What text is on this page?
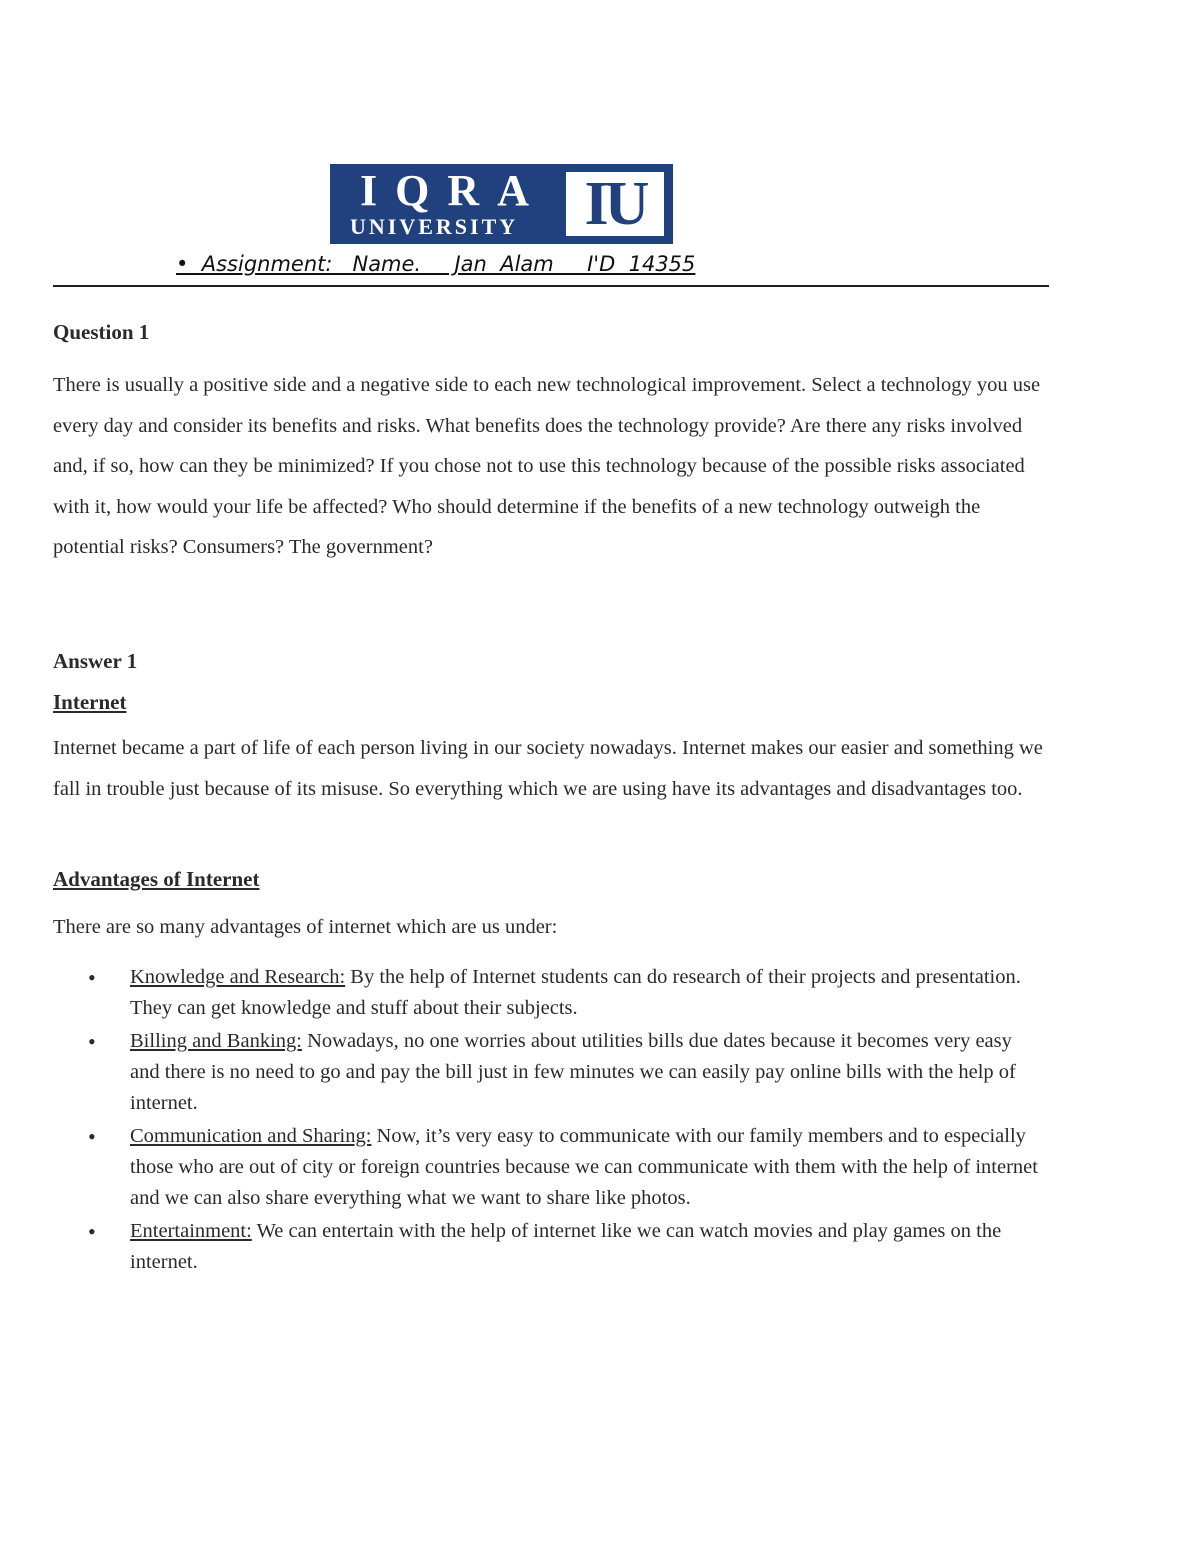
IQRA
UNIVERSITY IU
•  Assignment:   Name.     Jan  Alam     I'D  14355
Question 1
There is usually a positive side and a negative side to each new technological improvement. Select a technology you use every day and consider its benefits and risks. What benefits does the technology provide? Are there any risks involved and, if so, how can they be minimized? If you chose not to use this technology because of the possible risks associated with it, how would your life be affected? Who should determine if the benefits of a new technology outweigh the potential risks? Consumers? The government?
Answer 1
Internet
Internet became a part of life of each person living in our society nowadays. Internet makes our easier and something we fall in trouble just because of its misuse. So everything which we are using have its advantages and disadvantages too.
Advantages of Internet
There are so many advantages of internet which are us under:
• Knowledge and Research: By the help of Internet students can do research of their projects and presentation. They can get knowledge and stuff about their subjects.
• Billing and Banking: Nowadays, no one worries about utilities bills due dates because it becomes very easy and there is no need to go and pay the bill just in few minutes we can easily pay online bills with the help of internet.
• Communication and Sharing: Now, it’s very easy to communicate with our family members and to especially those who are out of city or foreign countries because we can communicate with them with the help of internet and we can also share everything what we want to share like photos.
• Entertainment: We can entertain with the help of internet like we can watch movies and play games on the internet.
